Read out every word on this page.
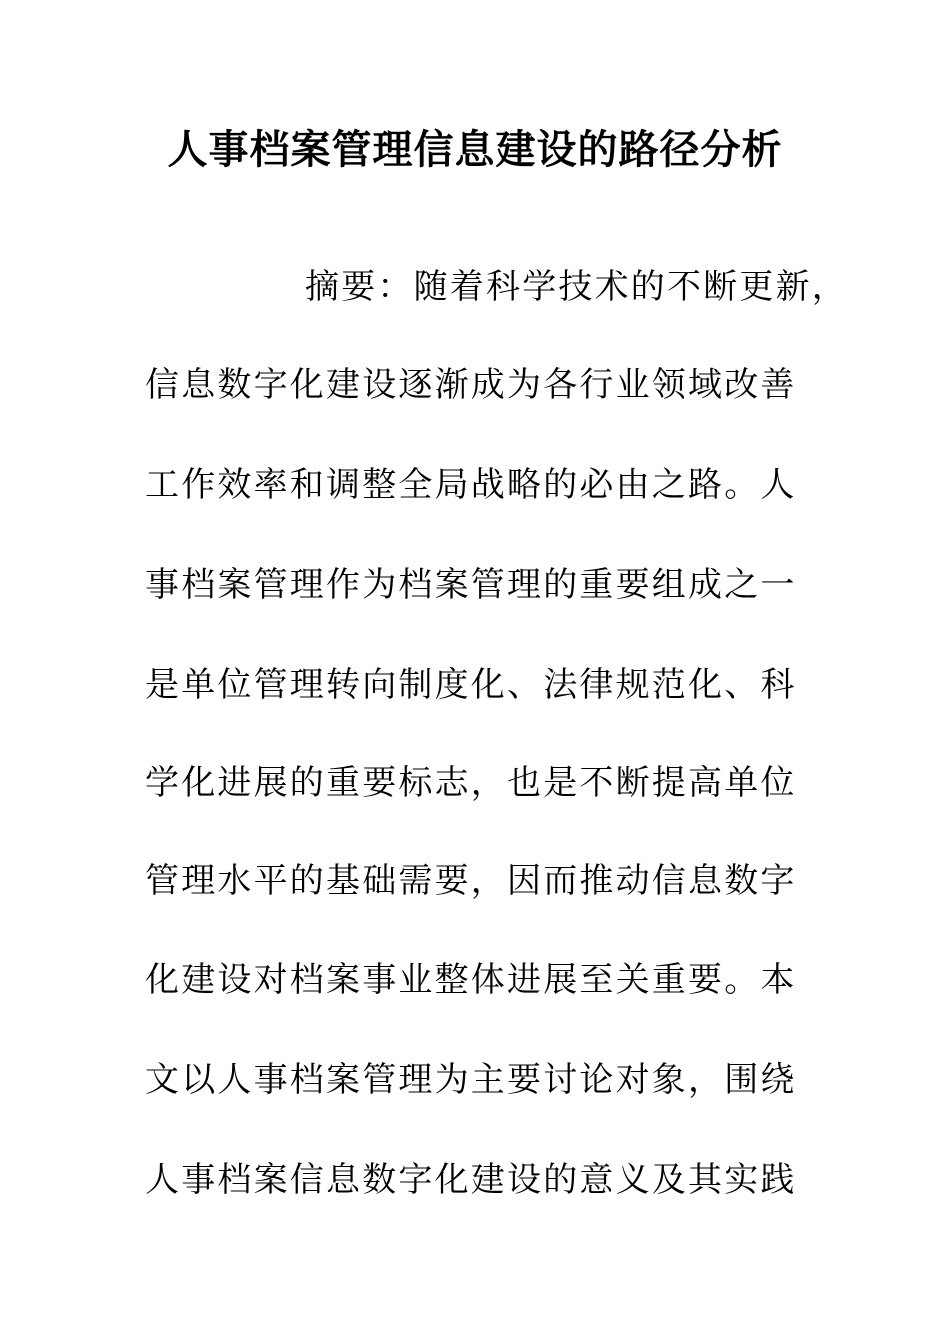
人事档案管理信息建设的路径分析
摘要：随着科学技术的不断更新，
信息数字化建设逐渐成为各行业领域改善
工作效率和调整全局战略的必由之路。人
事档案管理作为档案管理的重要组成之一
是单位管理转向制度化、法律规范化、科
学化进展的重要标志，也是不断提高单位
管理水平的基础需要，因而推动信息数字
化建设对档案事业整体进展至关重要。本
文以人事档案管理为主要讨论对象，围绕
人事档案信息数字化建设的意义及其实践
